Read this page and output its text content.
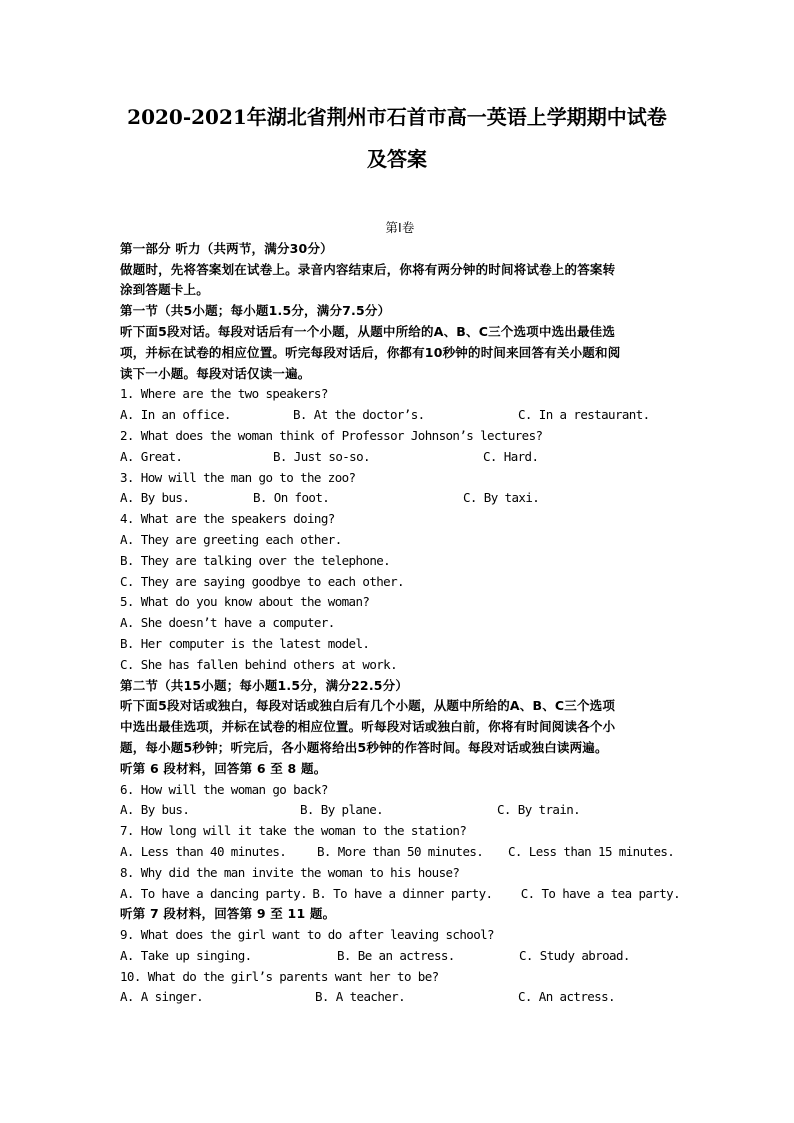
2020-2021年湖北省荆州市石首市高一英语上学期期中试卷
及答案
第I卷
第一部分 听力（共两节，满分30分）
做题时，先将答案划在试卷上。录音内容结束后，你将有两分钟的时间将试卷上的答案转
涂到答题卡上。
第一节（共5小题；每小题1.5分，满分7.5分）
听下面5段对话。每段对话后有一个小题，从题中所给的A、B、C三个选项中选出最佳选
项，并标在试卷的相应位置。听完每段对话后，你都有10秒钟的时间来回答有关小题和阅
读下一小题。每段对话仅读一遍。
1. Where are the two speakers?
A. In an office.	B. At the doctor’s.	C. In a restaurant.
2. What does the woman think of Professor Johnson’s lectures?
A. Great.	B. Just so-so.	C. Hard.
3. How will the man go to the zoo?
A. By bus.	B. On foot.	C. By taxi.
4. What are the speakers doing?
A. They are greeting each other.
B. They are talking over the telephone.
C. They are saying goodbye to each other.
5. What do you know about the woman?
A. She doesn’t have a computer.
B. Her computer is the latest model.
C. She has fallen behind others at work.
第二节（共15小题；每小题1.5分，满分22.5分）
听下面5段对话或独白，每段对话或独白后有几个小题，从题中所给的A、B、C三个选项
中选出最佳选项，并标在试卷的相应位置。听每段对话或独白前，你将有时间阅读各个小
题，每小题5秒钟；听完后，各小题将给出5秒钟的作答时间。每段对话或独白读两遍。
听第 6 段材料，回答第 6 至 8 题。
6. How will the woman go back?
A. By bus.	B. By plane.	C. By train.
7. How long will it take the woman to the station?
A. Less than 40 minutes.	B. More than 50 minutes.	C. Less than 15 minutes.
8. Why did the man invite the woman to his house?
A. To have a dancing party. B. To have a dinner party.	C. To have a tea party.
听第 7 段材料，回答第 9 至 11 题。
9. What does the girl want to do after leaving school?
A. Take up singing.	B. Be an actress.	C. Study abroad.
10. What do the girl’s parents want her to be?
A. A singer.	B. A teacher.	C. An actress.
